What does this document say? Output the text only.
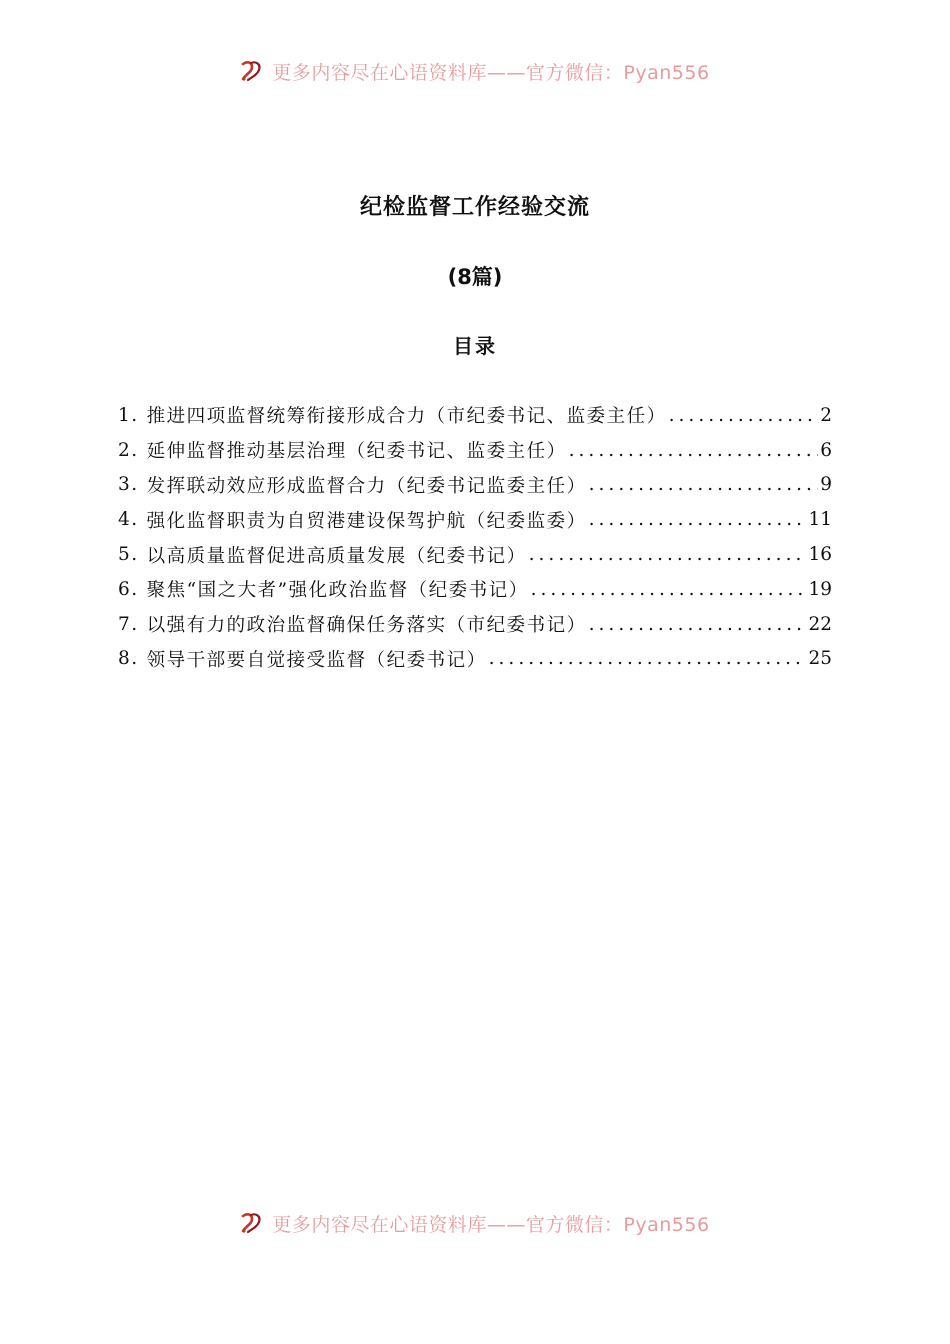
更多内容尽在心语资料库——官方微信：Pyan556
纪检监督工作经验交流
(8篇)
目录
1. 推进四项监督统筹衔接形成合力（市纪委书记、监委主任） .....	2
2. 延伸监督推动基层治理（纪委书记、监委主任） .....	6
3. 发挥联动效应形成监督合力（纪委书记监委主任） .....	9
4. 强化监督职责为自贸港建设保驾护航（纪委监委） .....	11
5. 以高质量监督促进高质量发展（纪委书记） .....	16
6. 聚焦“国之大者”强化政治监督（纪委书记） .....	19
7. 以强有力的政治监督确保任务落实（市纪委书记） .....	22
8. 领导干部要自觉接受监督（纪委书记） .....	25
更多内容尽在心语资料库——官方微信：Pyan556
